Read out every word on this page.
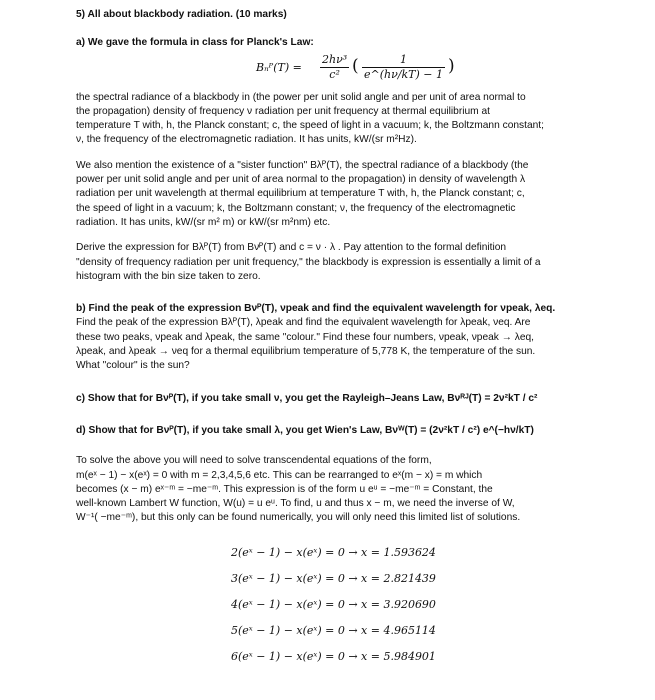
5) All about blackbody radiation. (10 marks)
a) We gave the formula in class for Planck's Law:
Bₙᴾ(T) = $\frac{\text{2hν³}}{\text{c²}}$ ( $\frac{1}{e\^{}(h\nu/kT) - 1}$ )
the spectral radiance of a blackbody in (the power per unit solid angle and per unit of area normal to
the propagation) density of frequency ν radiation per unit frequency at thermal equilibrium at
temperature T with, h, the Planck constant; c, the speed of light in a vacuum; k, the Boltzmann constant;
ν, the frequency of the electromagnetic radiation. It has units, kW/(sr m²Hz).
We also mention the existence of a "sister function" Bλᴾ(T), the spectral radiance of a blackbody (the
power per unit solid angle and per unit of area normal to the propagation) in density of wavelength λ
radiation per unit wavelength at thermal equilibrium at temperature T with, h, the Planck constant; c,
the speed of light in a vacuum; k, the Boltzmann constant; ν, the frequency of the electromagnetic
radiation. It has units, kW/(sr m² m) or kW/(sr m²nm) etc.
Derive the expression for Bλᴾ(T) from Bνᴾ(T) and c = ν · λ . Pay attention to the formal definition
"density of frequency radiation per unit frequency," the blackbody is expression is essentially a limit of a
histogram with the bin size taken to zero.
b) Find the peak of the expression Bνᴾ(T), νpeak and find the equivalent wavelength for νpeak, λeq.
Find the peak of the expression Bλᴾ(T), λpeak and find the equivalent wavelength for λpeak, νeq. Are
these two peaks, νpeak and λpeak, the same "colour." Find these four numbers, νpeak, νpeak → λeq,
λpeak, and λpeak → νeq for a thermal equilibrium temperature of 5,778 K, the temperature of the sun.
What "colour" is the sun?
c) Show that for Bνᴾ(T), if you take small ν, you get the Rayleigh–Jeans Law, Bνᴿᴶ(T) = 2ν²kT / c²
d) Show that for Bνᴾ(T), if you take small λ, you get Wien's Law, Bνᵂ(T) = (2ν²kT / c²) e^(−hν/kT)
To solve the above you will need to solve transcendental equations of the form,
m(eˣ − 1) − x(eˣ) = 0 with m = 2,3,4,5,6 etc. This can be rearranged to eˣ(m − x) = m which
becomes (x − m) eˣ⁻ᵐ = −me⁻ᵐ. This expression is of the form u eᵘ = −me⁻ᵐ = Constant, the
well-known Lambert W function, W(u) = u eᵘ. To find, u and thus x − m, we need the inverse of W,
W⁻¹( −me⁻ᵐ), but this only can be found numerically, you will only need this limited list of solutions.
2(eˣ − 1) − x(eˣ) = 0 → x = 1.593624
3(eˣ − 1) − x(eˣ) = 0 → x = 2.821439
4(eˣ − 1) − x(eˣ) = 0 → x = 3.920690
5(eˣ − 1) − x(eˣ) = 0 → x = 4.965114
6(eˣ − 1) − x(eˣ) = 0 → x = 5.984901
